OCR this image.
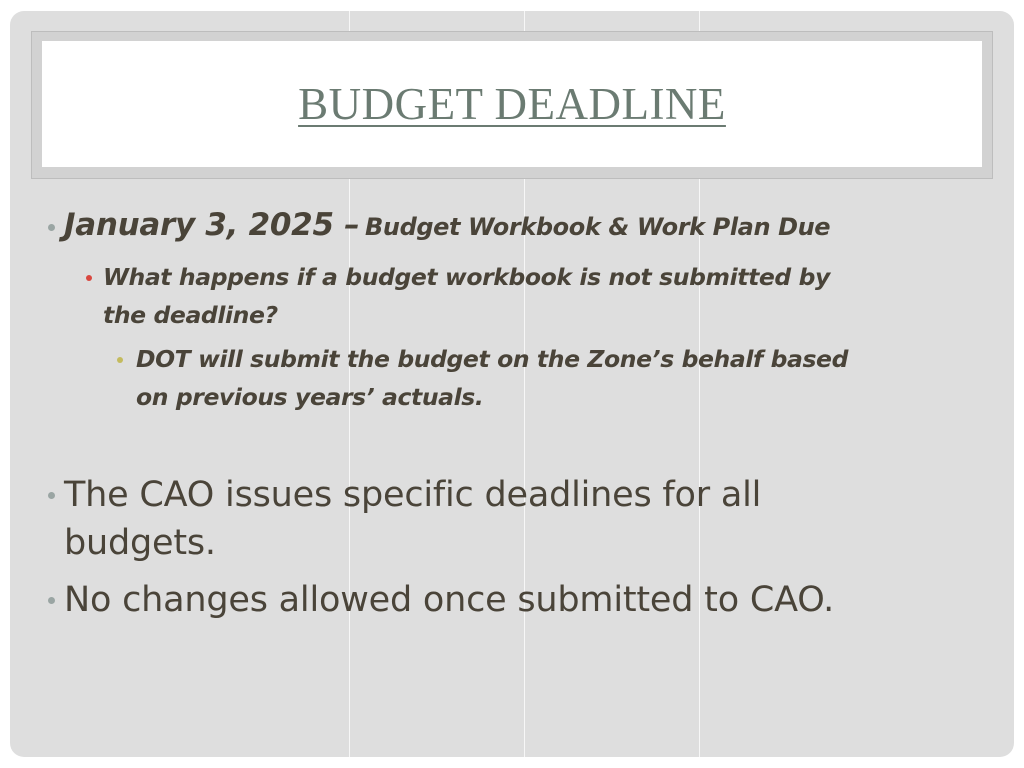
BUDGET DEADLINE
January 3, 2025 – Budget Workbook & Work Plan Due
What happens if a budget workbook is not submitted by
the deadline?
DOT will submit the budget on the Zone’s behalf based
on previous years’ actuals.
The CAO issues specific deadlines for all
budgets.
No changes allowed once submitted to CAO.
